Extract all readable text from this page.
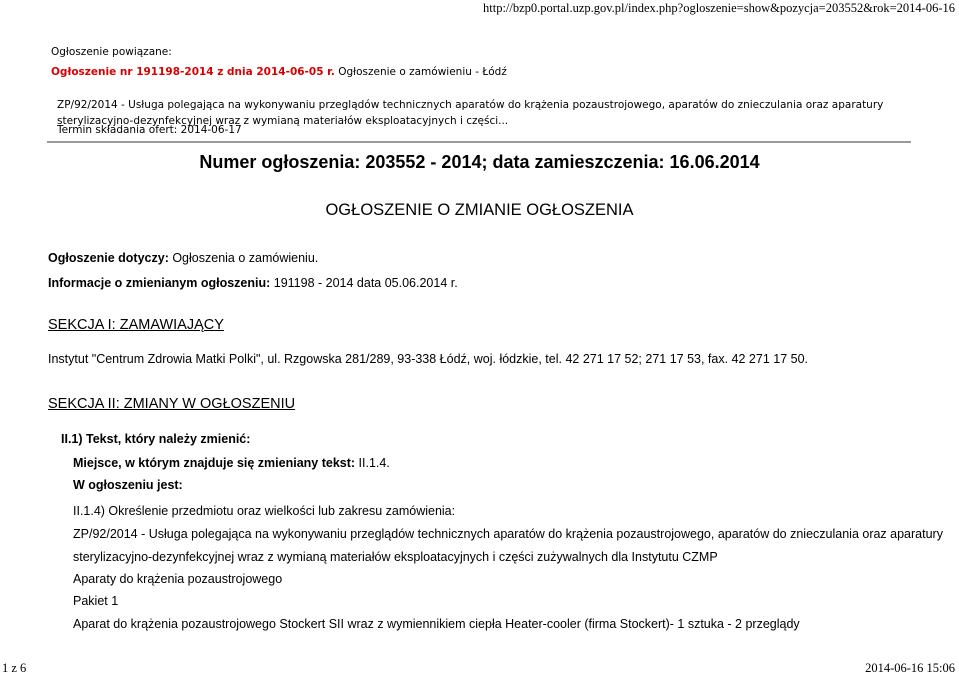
http://bzp0.portal.uzp.gov.pl/index.php?ogloszenie=show&pozycja=203552&rok=2014-06-16
Ogłoszenie powiązane:
Ogłoszenie nr 191198-2014 z dnia 2014-06-05 r. Ogłoszenie o zamówieniu - Łódź
ZP/92/2014 - Usługa polegająca na wykonywaniu przeglądów technicznych aparatów do krążenia pozaustrojowego, aparatów do znieczulania oraz aparatury sterylizacyjno-dezynfekcyjnej wraz z wymianą materiałów eksploatacyjnych i części...
Termin składania ofert: 2014-06-17
Numer ogłoszenia: 203552 - 2014; data zamieszczenia: 16.06.2014
OGŁOSZENIE O ZMIANIE OGŁOSZENIA
Ogłoszenie dotyczy: Ogłoszenia o zamówieniu.
Informacje o zmienianym ogłoszeniu: 191198 - 2014 data 05.06.2014 r.
SEKCJA I: ZAMAWIAJĄCY
Instytut "Centrum Zdrowia Matki Polki", ul. Rzgowska 281/289, 93-338 Łódź, woj. łódzkie, tel. 42 271 17 52; 271 17 53, fax. 42 271 17 50.
SEKCJA II: ZMIANY W OGŁOSZENIU
II.1) Tekst, który należy zmienić:
Miejsce, w którym znajduje się zmieniany tekst: II.1.4.
W ogłoszeniu jest:
II.1.4) Określenie przedmiotu oraz wielkości lub zakresu zamówienia:
ZP/92/2014 - Usługa polegająca na wykonywaniu przeglądów technicznych aparatów do krążenia pozaustrojowego, aparatów do znieczulania oraz aparatury
sterylizacyjno-dezynfekcyjnej wraz z wymianą materiałów eksploatacyjnych i części zużywalnych dla Instytutu CZMP
Aparaty do krążenia pozaustrojowego
Pakiet 1
Aparat do krążenia pozaustrojowego Stockert SII wraz z wymiennikiem ciepła Heater-cooler (firma Stockert)- 1 sztuka - 2 przeglądy
1 z 6	2014-06-16 15:06
